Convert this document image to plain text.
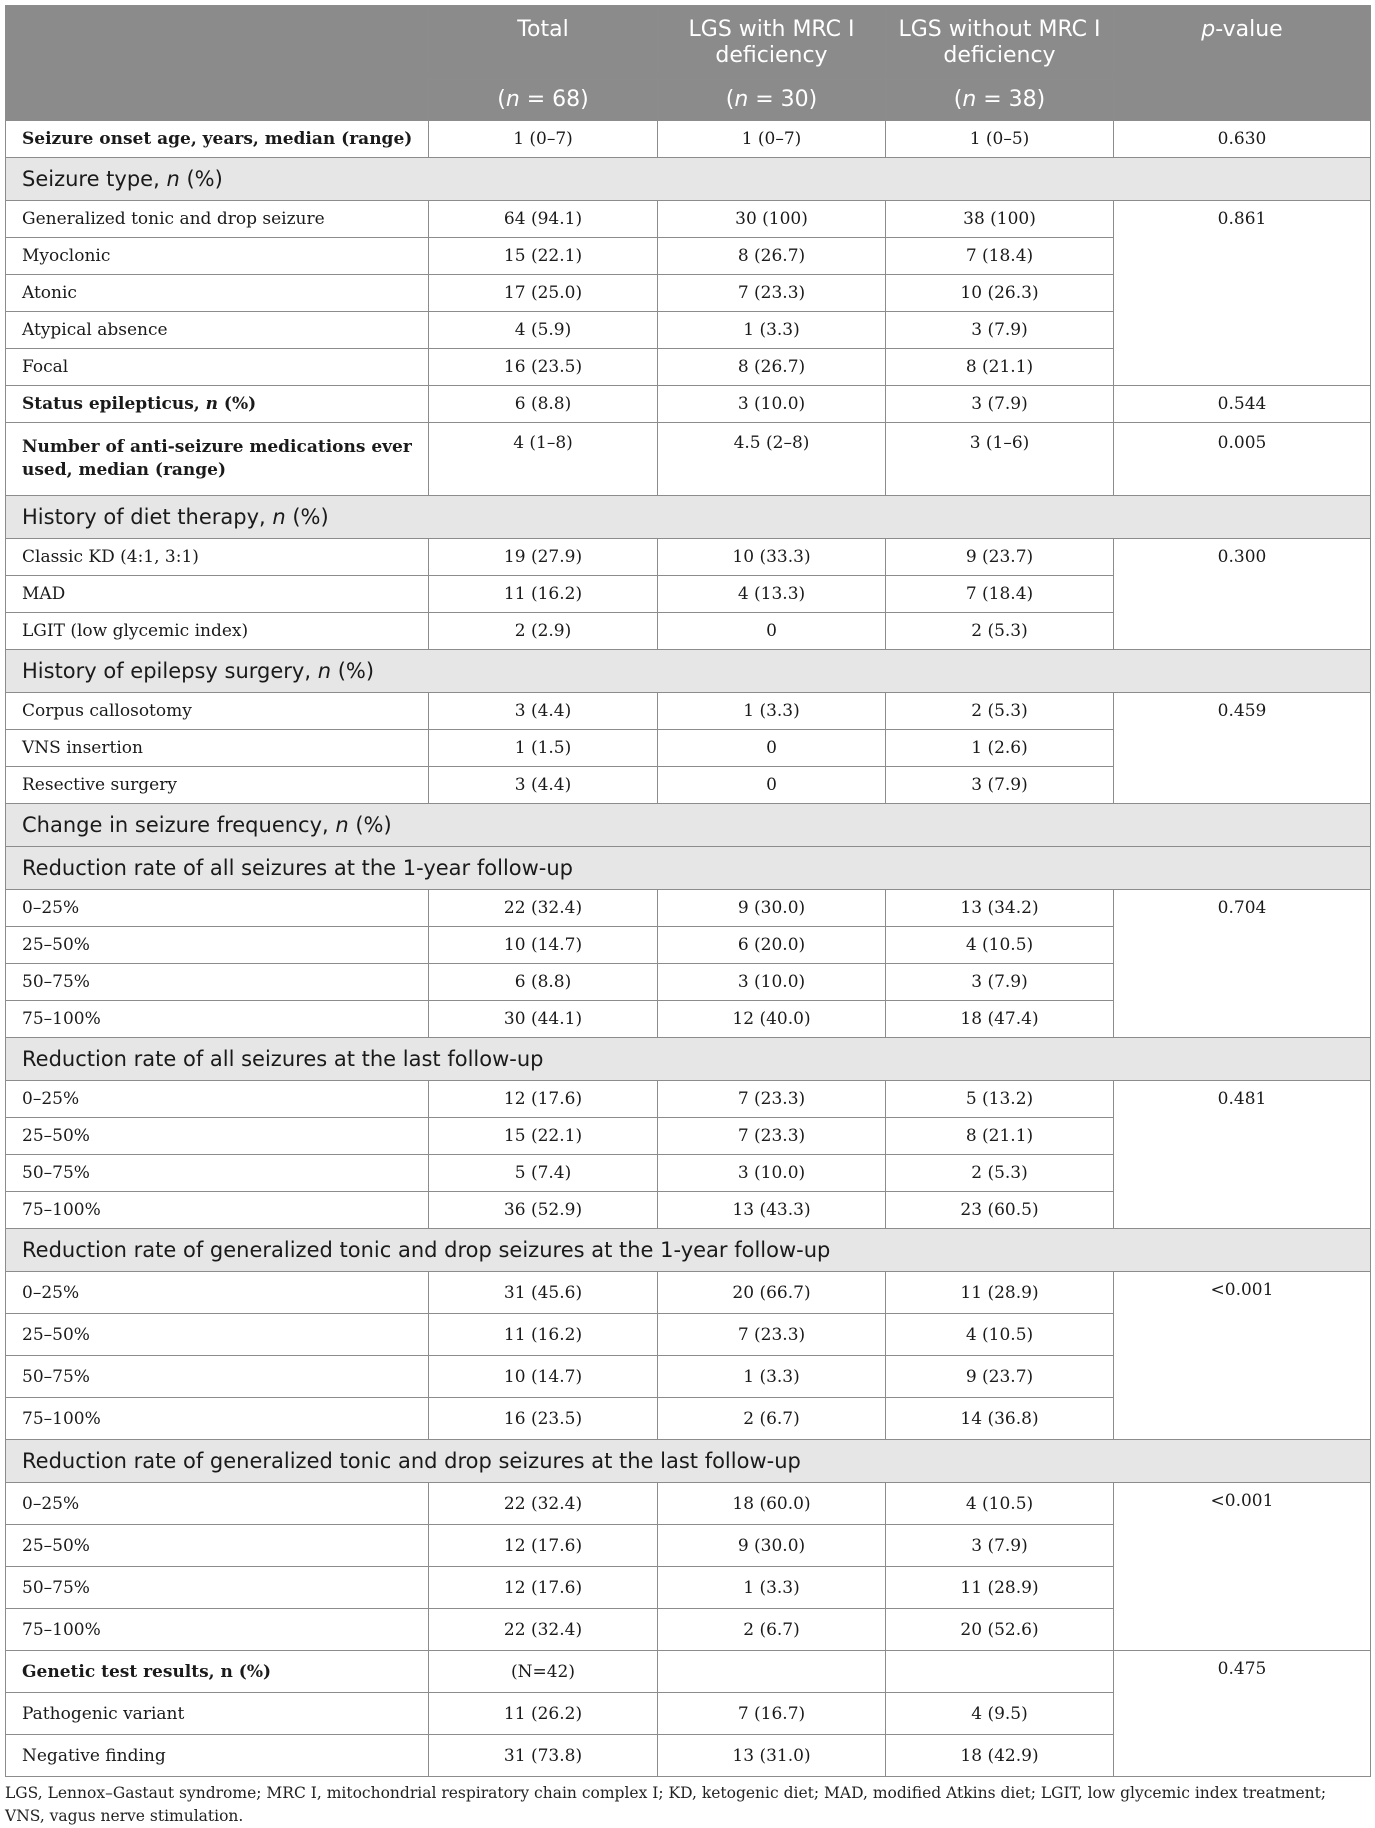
	Total	LGS with MRC I deficiency	LGS without MRC I deficiency	p-value
	(n = 68)	(n = 30)	(n = 38)	
Seizure onset age, years, median (range)	1 (0–7)	1 (0–7)	1 (0–5)	0.630
Seizure type, n (%)				
Generalized tonic and drop seizure	64 (94.1)	30 (100)	38 (100)	0.861
Myoclonic	15 (22.1)	8 (26.7)	7 (18.4)	
Atonic	17 (25.0)	7 (23.3)	10 (26.3)	
Atypical absence	4 (5.9)	1 (3.3)	3 (7.9)	
Focal	16 (23.5)	8 (26.7)	8 (21.1)	
Status epilepticus, n (%)	6 (8.8)	3 (10.0)	3 (7.9)	0.544
Number of anti-seizure medications ever used, median (range)	4 (1–8)	4.5 (2–8)	3 (1–6)	0.005
History of diet therapy, n (%)				
Classic KD (4:1, 3:1)	19 (27.9)	10 (33.3)	9 (23.7)	0.300
MAD	11 (16.2)	4 (13.3)	7 (18.4)	
LGIT (low glycemic index)	2 (2.9)	0	2 (5.3)	
History of epilepsy surgery, n (%)				
Corpus callosotomy	3 (4.4)	1 (3.3)	2 (5.3)	0.459
VNS insertion	1 (1.5)	0	1 (2.6)	
Resective surgery	3 (4.4)	0	3 (7.9)	
Change in seizure frequency, n (%)				
Reduction rate of all seizures at the 1-year follow-up				
0–25%	22 (32.4)	9 (30.0)	13 (34.2)	0.704
25–50%	10 (14.7)	6 (20.0)	4 (10.5)	
50–75%	6 (8.8)	3 (10.0)	3 (7.9)	
75–100%	30 (44.1)	12 (40.0)	18 (47.4)	
Reduction rate of all seizures at the last follow-up				
0–25%	12 (17.6)	7 (23.3)	5 (13.2)	0.481
25–50%	15 (22.1)	7 (23.3)	8 (21.1)	
50–75%	5 (7.4)	3 (10.0)	2 (5.3)	
75–100%	36 (52.9)	13 (43.3)	23 (60.5)	
Reduction rate of generalized tonic and drop seizures at the 1-year follow-up				
0–25%	31 (45.6)	20 (66.7)	11 (28.9)	<0.001
25–50%	11 (16.2)	7 (23.3)	4 (10.5)	
50–75%	10 (14.7)	1 (3.3)	9 (23.7)	
75–100%	16 (23.5)	2 (6.7)	14 (36.8)	
Reduction rate of generalized tonic and drop seizures at the last follow-up				
0–25%	22 (32.4)	18 (60.0)	4 (10.5)	<0.001
25–50%	12 (17.6)	9 (30.0)	3 (7.9)	
50–75%	12 (17.6)	1 (3.3)	11 (28.9)	
75–100%	22 (32.4)	2 (6.7)	20 (52.6)	
Genetic test results, n (%)	(N=42)			0.475
Pathogenic variant	11 (26.2)	7 (16.7)	4 (9.5)	
Negative finding	31 (73.8)	13 (31.0)	18 (42.9)	
LGS, Lennox–Gastaut syndrome; MRC I, mitochondrial respiratory chain complex I; KD, ketogenic diet; MAD, modified Atkins diet; LGIT, low glycemic index treatment; VNS, vagus nerve stimulation.
